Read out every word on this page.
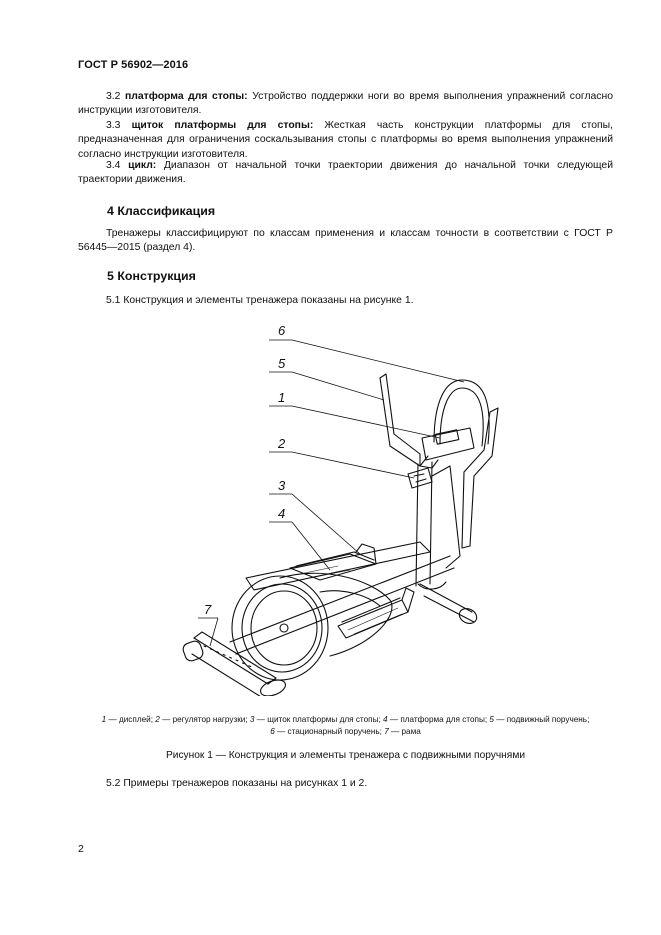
ГОСТ Р 56902—2016
3.2 платформа для стопы: Устройство поддержки ноги во время выполнения упражнений согласно инструкции изготовителя.
3.3 щиток платформы для стопы: Жесткая часть конструкции платформы для стопы, предназначенная для ограничения соскальзывания стопы с платформы во время выполнения упражнений согласно инструкции изготовителя.
3.4 цикл: Диапазон от начальной точки траектории движения до начальной точки следующей траектории движения.
4 Классификация
Тренажеры классифицируют по классам применения и классам точности в соответствии с ГОСТ Р 56445—2015 (раздел 4).
5 Конструкция
5.1 Конструкция и элементы тренажера показаны на рисунке 1.
6
5
1
2
3
4
7
1 — дисплей; 2 — регулятор нагрузки; 3 — щиток платформы для стопы; 4 — платформа для стопы; 5 — подвижный поручень;
6 — стационарный поручень; 7 — рама
Рисунок 1 — Конструкция и элементы тренажера с подвижными поручнями
5.2 Примеры тренажеров показаны на рисунках 1 и 2.
2
